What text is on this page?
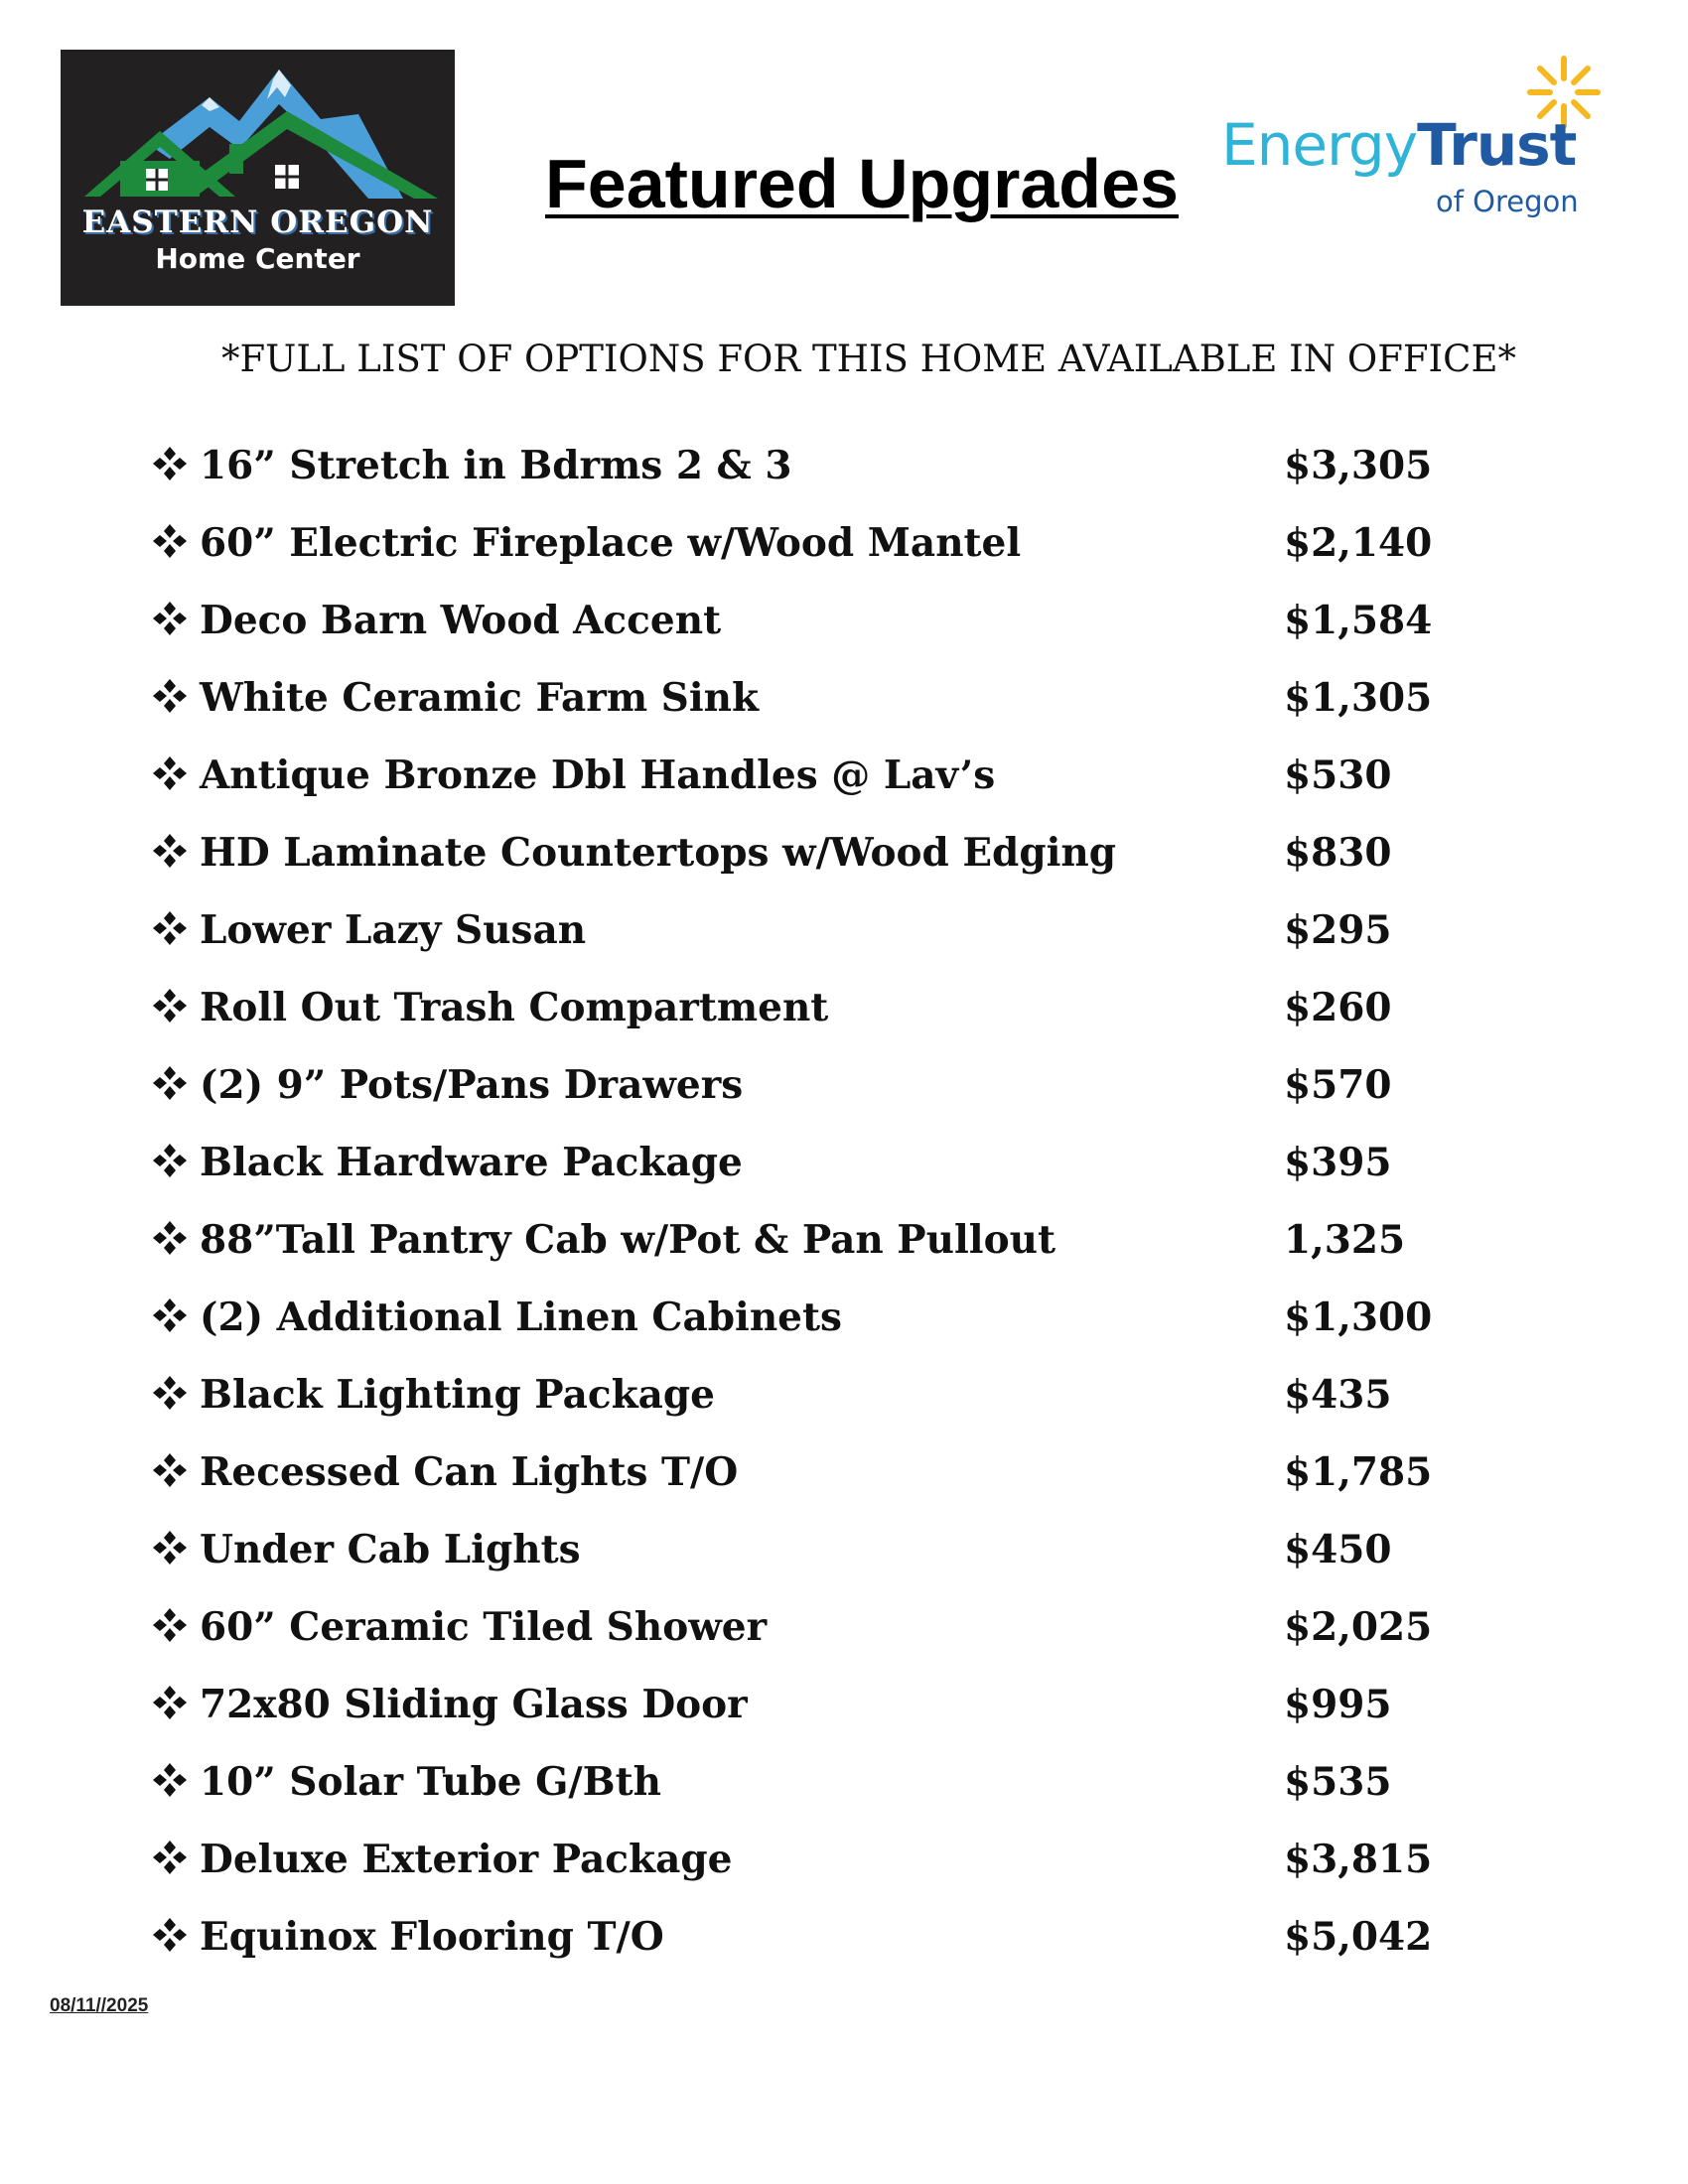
EASTERN OREGON
Home Center
Featured Upgrades EnergyTrust
of Oregon
*FULL LIST OF OPTIONS FOR THIS HOME AVAILABLE IN OFFICE*
16” Stretch in Bdrms 2 & 3	$3,305
60” Electric Fireplace w/Wood Mantel	$2,140
Deco Barn Wood Accent	$1,584
White Ceramic Farm Sink	$1,305
Antique Bronze Dbl Handles @ Lav’s	$530
HD Laminate Countertops w/Wood Edging	$830
Lower Lazy Susan	$295
Roll Out Trash Compartment	$260
(2) 9” Pots/Pans Drawers	$570
Black Hardware Package	$395
88”Tall Pantry Cab w/Pot & Pan Pullout	1,325
(2) Additional Linen Cabinets	$1,300
Black Lighting Package	$435
Recessed Can Lights T/O	$1,785
Under Cab Lights	$450
60” Ceramic Tiled Shower	$2,025
72x80 Sliding Glass Door	$995
10” Solar Tube G/Bth	$535
Deluxe Exterior Package	$3,815
Equinox Flooring T/O	$5,042
08/11//2025
